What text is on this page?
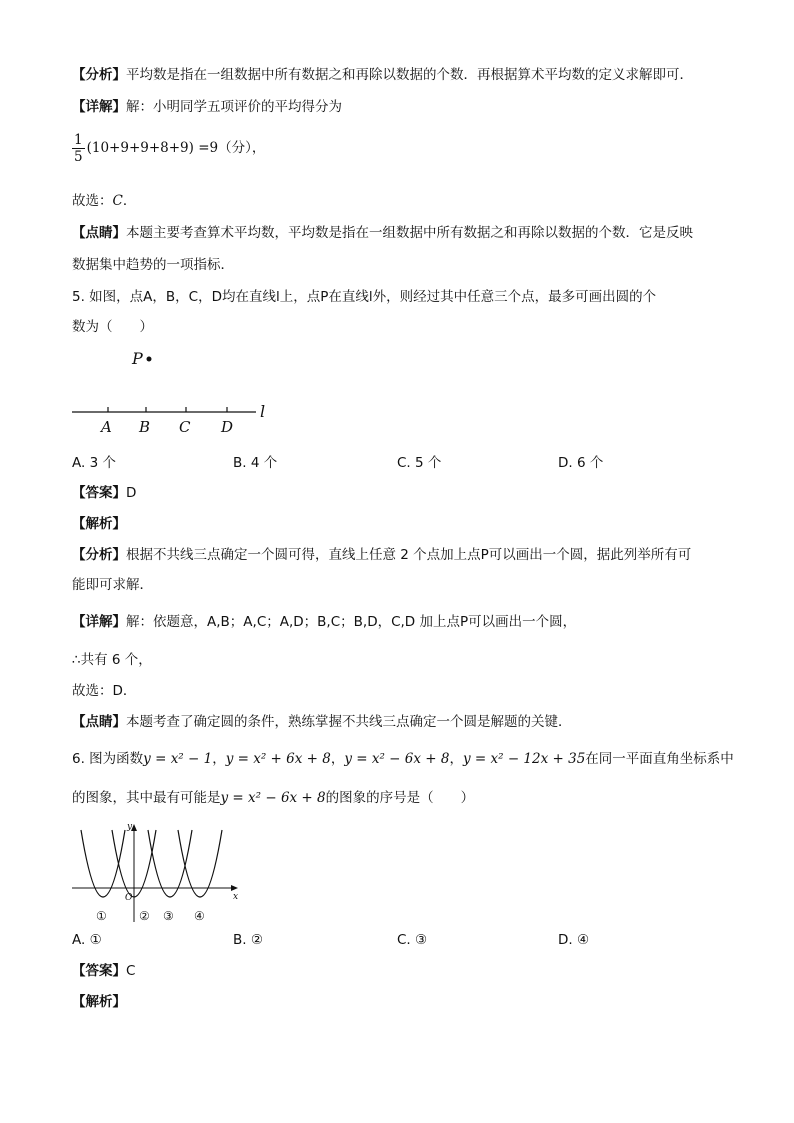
【分析】平均数是指在一组数据中所有数据之和再除以数据的个数．再根据算术平均数的定义求解即可．
【详解】解：小明同学五项评价的平均得分为
$\frac{1}{5} (10+9+9+8+9) =9$（分），
故选：C．
【点睛】本题主要考查算术平均数，平均数是指在一组数据中所有数据之和再除以数据的个数．它是反映
数据集中趋势的一项指标．
5. 如图，点A，B，C，D均在直线l上，点P在直线l外，则经过其中任意三个点，最多可画出圆的个
数为（　　）
P
A B C D
l
A. 3 个	B. 4 个	C. 5 个	D. 6 个
【答案】D
【解析】
【分析】根据不共线三点确定一个圆可得，直线上任意 2 个点加上点P可以画出一个圆，据此列举所有可
能即可求解．
【详解】解：依题意，A,B；A,C；A,D；B,C；B,D，C,D 加上点P可以画出一个圆，
∴共有 6 个，
故选：D．
【点睛】本题考查了确定圆的条件，熟练掌握不共线三点确定一个圆是解题的关键．
6. 图为函数y = x² − 1，y = x² + 6x + 8，y = x² − 6x + 8，y = x² − 12x + 35在同一平面直角坐标系中
的图象，其中最有可能是y = x² − 6x + 8的图象的序号是（　　）
y
x
O
①	② ③ ④
A. ①	B. ②	C. ③	D. ④
【答案】C
【解析】
